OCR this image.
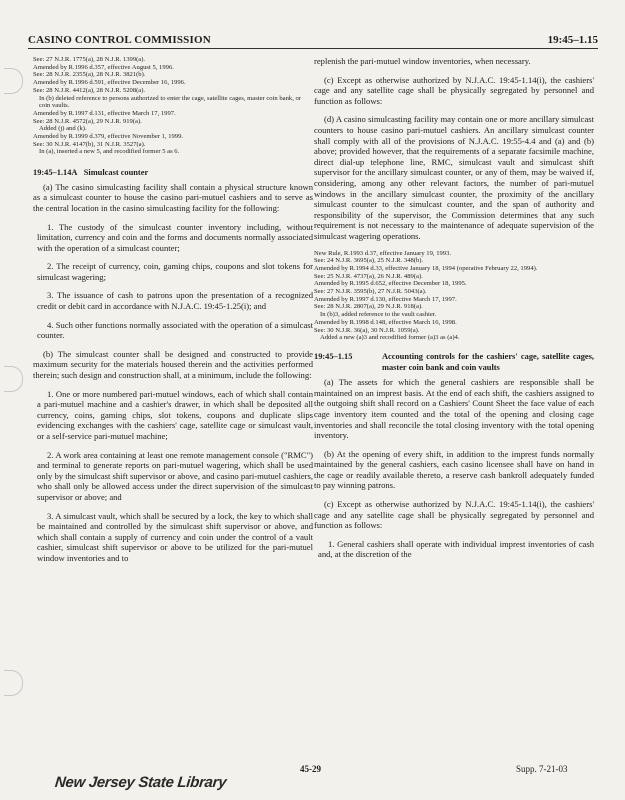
CASINO CONTROL COMMISSION	19:45–1.15
See: 27 N.J.R. 1775(a), 28 N.J.R. 1399(a).
Amended by R.1996 d.357, effective August 5, 1996.
See: 28 N.J.R. 2355(a), 28 N.J.R. 3821(b).
Amended by R.1996 d.591, effective December 16, 1996.
See: 28 N.J.R. 4412(a), 28 N.J.R. 5208(a).
In (b) deleted reference to persons authorized to enter the cage, satellite cages, master coin bank, or coin vaults.
Amended by R.1997 d.131, effective March 17, 1997.
See: 28 N.J.R. 4572(a), 29 N.J.R. 919(a).
Added (j) and (k).
Amended by R.1999 d.379, effective November 1, 1999.
See: 30 N.J.R. 4147(b), 31 N.J.R. 3527(a).
In (a), inserted a new 5, and recodified former 5 as 6.
19:45–1.14A Simulcast counter

(a) The casino simulcasting facility shall contain a physical structure known as a simulcast counter to house the casino pari-mutuel cashiers and to serve as the central location in the casino simulcasting facility for the following:

1. The custody of the simulcast counter inventory including, without limitation, currency and coin and the forms and documents normally associated with the operation of a simulcast counter;

2. The receipt of currency, coin, gaming chips, coupons and slot tokens for simulcast wagering;

3. The issuance of cash to patrons upon the presentation of a recognized credit or debit card in accordance with N.J.A.C. 19:45-1.25(i); and

4. Such other functions normally associated with the operation of a simulcast counter.

(b) The simulcast counter shall be designed and constructed to provide maximum security for the materials housed therein and the activities performed therein; such design and construction shall, at a minimum, include the following:

1. One or more numbered pari-mutuel windows, each of which shall contain a pari-mutuel machine and a cashier's drawer, in which shall be deposited all currency, coins, gaming chips, slot tokens, coupons and duplicate slips evidencing exchanges with the cashiers' cage, satellite cage or simulcast vault, or a self-service pari-mutuel machine;

2. A work area containing at least one remote management console ("RMC") and terminal to generate reports on pari-mutuel wagering, which shall be used only by the simulcast shift supervisor or above, and casino pari-mutuel cashiers, who shall only be allowed access under the direct supervision of the simulcast supervisor or above; and

3. A simulcast vault, which shall be secured by a lock, the key to which shall be maintained and controlled by the simulcast shift supervisor or above, and which shall contain a supply of currency and coin under the control of a vault cashier, simulcast shift supervisor or above to be utilized for the pari-mutuel window inventories and to

replenish the pari-mutuel window inventories, when necessary.

(c) Except as otherwise authorized by N.J.A.C. 19:45-1.14(i), the cashiers' cage and any satellite cage shall be physically segregated by personnel and function as follows:

(d) A casino simulcasting facility may contain one or more ancillary simulcast counters to house casino pari-mutuel cashiers. An ancillary simulcast counter shall comply with all of the provisions of N.J.A.C. 19:55-4.4 and (a) and (b) above; provided however, that the requirements of a separate facsimile machine, direct dial-up telephone line, RMC, simulcast vault and simulcast shift supervisor for the ancillary simulcast counter, or any of them, may be waived if, considering, among any other relevant factors, the number of pari-mutuel windows in the ancillary simulcast counter, the proximity of the ancillary simulcast counter to the simulcast counter, and the span of authority and responsibility of the supervisor, the Commission determines that any such requirement is not necessary to the maintenance of adequate supervision of the simulcast wagering operations.

New Rule, R.1993 d.37, effective January 19, 1993.
See: 24 N.J.R. 3695(a), 25 N.J.R. 348(b).
Amended by R.1994 d.33, effective January 18, 1994 (operative February 22, 1994).
See: 25 N.J.R. 4737(a), 26 N.J.R. 489(a).
Amended by R.1995 d.652, effective December 18, 1995.
See: 27 N.J.R. 3595(b), 27 N.J.R. 5043(a).
Amended by R.1997 d.130, effective March 17, 1997.
See: 28 N.J.R. 2807(a), 29 N.J.R. 918(a).
In (b)3, added reference to the vault cashier.
Amended by R.1998 d.148, effective March 16, 1998.
See: 30 N.J.R. 36(a), 30 N.J.R. 1059(a).
Added a new (a)3 and recodified former (a)3 as (a)4.
19:45–1.15	Accounting controls for the cashiers' cage, satellite cages, master coin bank and coin vaults

(a) The assets for which the general cashiers are responsible shall be maintained on an imprest basis. At the end of each shift, the cashiers assigned to the outgoing shift shall record on a Cashiers' Count Sheet the face value of each cage inventory item counted and the total of the opening and closing cage inventories and shall reconcile the total closing inventory with the total opening inventory.

(b) At the opening of every shift, in addition to the imprest funds normally maintained by the general cashiers, each casino licensee shall have on hand in the cage or readily available thereto, a reserve cash bankroll adequately funded to pay winning patrons.

(c) Except as otherwise authorized by N.J.A.C. 19:45-1.14(i), the cashiers' cage and any satellite cage shall be physically segregated by personnel and function as follows:

1. General cashiers shall operate with individual imprest inventories of cash and, at the discretion of the

45-29	Supp. 7-21-03
New Jersey State Library
